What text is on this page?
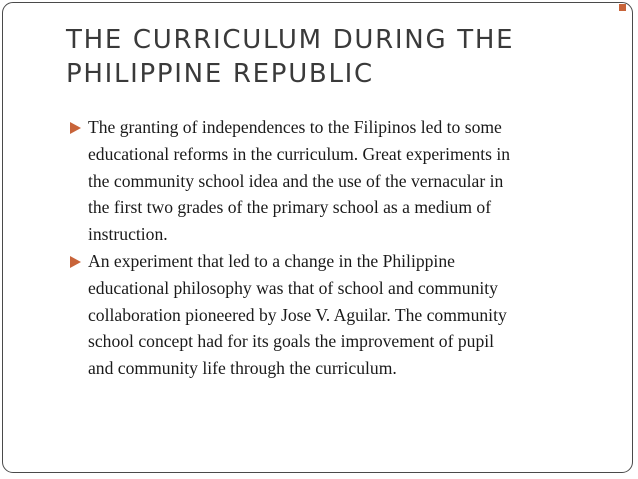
THE CURRICULUM DURING THE
PHILIPPINE REPUBLIC
The granting of independences to the Filipinos led to some
educational reforms in the curriculum. Great experiments in
the community school idea and the use of the vernacular in
the first two grades of the primary school as a medium of
instruction.
An experiment that led to a change in the Philippine
educational philosophy was that of school and community
collaboration pioneered by Jose V. Aguilar. The community
school concept had for its goals the improvement of pupil
and community life through the curriculum.
